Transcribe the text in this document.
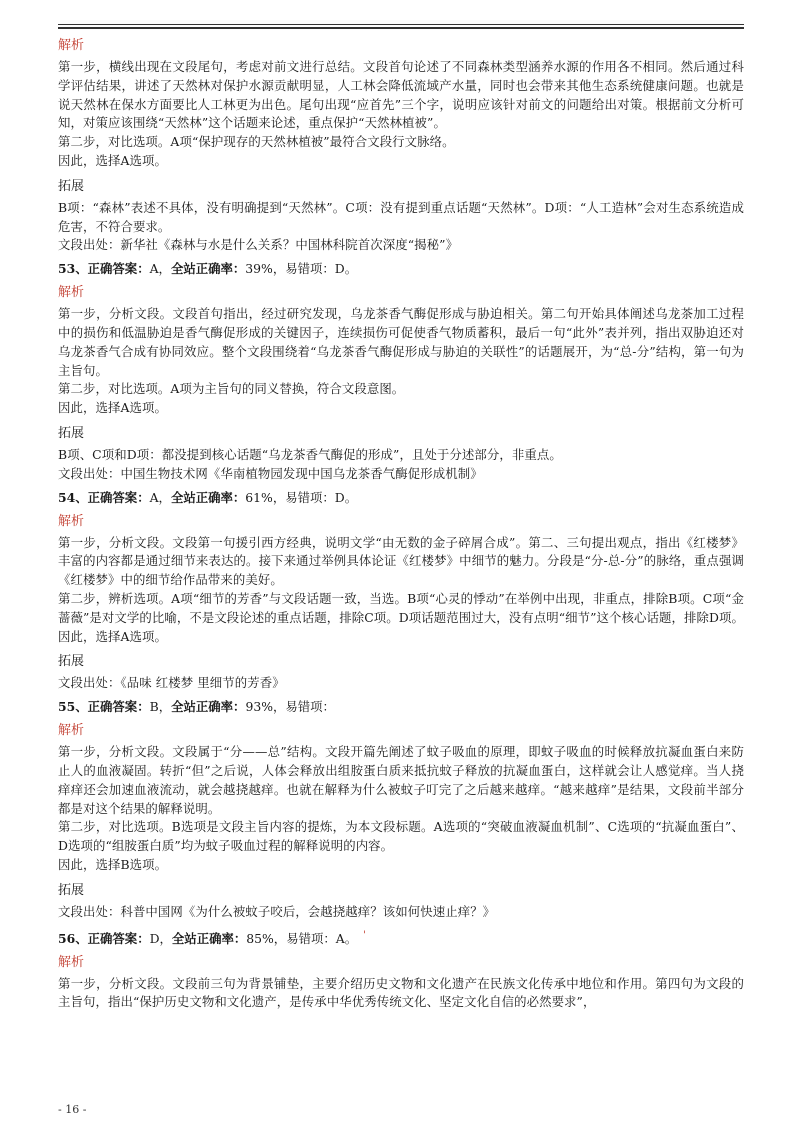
解析

第一步，横线出现在文段尾句，考虑对前文进行总结。文段首句论述了不同森林类型涵养水源的作用各不相同。然后通过科学评估结果，讲述了天然林对保护水源贡献明显，人工林会降低流域产水量，同时也会带来其他生态系统健康问题。也就是说天然林在保水方面要比人工林更为出色。尾句出现“应首先”三个字，说明应该针对前文的问题给出对策。根据前文分析可知，对策应该围绕“天然林”这个话题来论述，重点保护“天然林植被”。

第二步，对比选项。A项“保护现存的天然林植被”最符合文段行文脉络。

因此，选择A选项。

拓展

B项：“森林”表述不具体，没有明确提到“天然林”。C项：没有提到重点话题“天然林”。D项：“人工造林”会对生态系统造成危害，不符合要求。

文段出处：新华社《森林与水是什么关系？中国林科院首次深度“揭秘”》

53、正确答案：A，全站正确率：39%，易错项：D。
解析

第一步，分析文段。文段首句指出，经过研究发现，乌龙茶香气酶促形成与胁迫相关。第二句开始具体阐述乌龙茶加工过程中的损伤和低温胁迫是香气酶促形成的关键因子，连续损伤可促使香气物质蓄积，最后一句“此外”表并列，指出双胁迫还对乌龙茶香气合成有协同效应。整个文段围绕着“乌龙茶香气酶促形成与胁迫的关联性”的话题展开，为“总-分”结构，第一句为主旨句。

第二步，对比选项。A项为主旨句的同义替换，符合文段意图。

因此，选择A选项。

拓展

B项、C项和D项：都没提到核心话题“乌龙茶香气酶促的形成”，且处于分述部分，非重点。

文段出处：中国生物技术网《华南植物园发现中国乌龙茶香气酶促形成机制》

54、正确答案：A，全站正确率：61%，易错项：D。
解析

第一步，分析文段。文段第一句援引西方经典，说明文学“由无数的金子碎屑合成”。第二、三句提出观点，指出《红楼梦》丰富的内容都是通过细节来表达的。接下来通过举例具体论证《红楼梦》中细节的魅力。分段是“分-总-分”的脉络，重点强调《红楼梦》中的细节给作品带来的美好。

第二步，辨析选项。A项“细节的芳香”与文段话题一致，当选。B项“心灵的悸动”在举例中出现，非重点，排除B项。C项“金蔷薇”是对文学的比喻，不是文段论述的重点话题，排除C项。D项话题范围过大，没有点明“细节”这个核心话题，排除D项。

因此，选择A选项。

拓展

文段出处：《品味 红楼梦 里细节的芳香》

55、正确答案：B，全站正确率：93%，易错项：
解析

第一步，分析文段。文段属于“分——总”结构。文段开篇先阐述了蚊子吸血的原理，即蚊子吸血的时候释放抗凝血蛋白来防止人的血液凝固。转折“但”之后说，人体会释放出组胺蛋白质来抵抗蚊子释放的抗凝血蛋白，这样就会让人感觉痒。当人挠痒痒还会加速血液流动，就会越挠越痒。也就在解释为什么被蚊子叮完了之后越来越痒。“越来越痒”是结果，文段前半部分都是对这个结果的解释说明。

第二步，对比选项。B选项是文段主旨内容的提炼，为本文段标题。A选项的“突破血液凝血机制”、C选项的“抗凝血蛋白”、D选项的“组胺蛋白质”均为蚊子吸血过程的解释说明的内容。

因此，选择B选项。

拓展

文段出处：科普中国网《为什么被蚊子咬后，会越挠越痒？该如何快速止痒？》

56、正确答案：D，全站正确率：85%，易错项：A。 '
解析

第一步，分析文段。文段前三句为背景铺垫，主要介绍历史文物和文化遗产在民族文化传承中地位和作用。第四句为文段的主旨句，指出“保护历史文物和文化遗产，是传承中华优秀传统文化、坚定文化自信的必然要求”，

- 16 -
